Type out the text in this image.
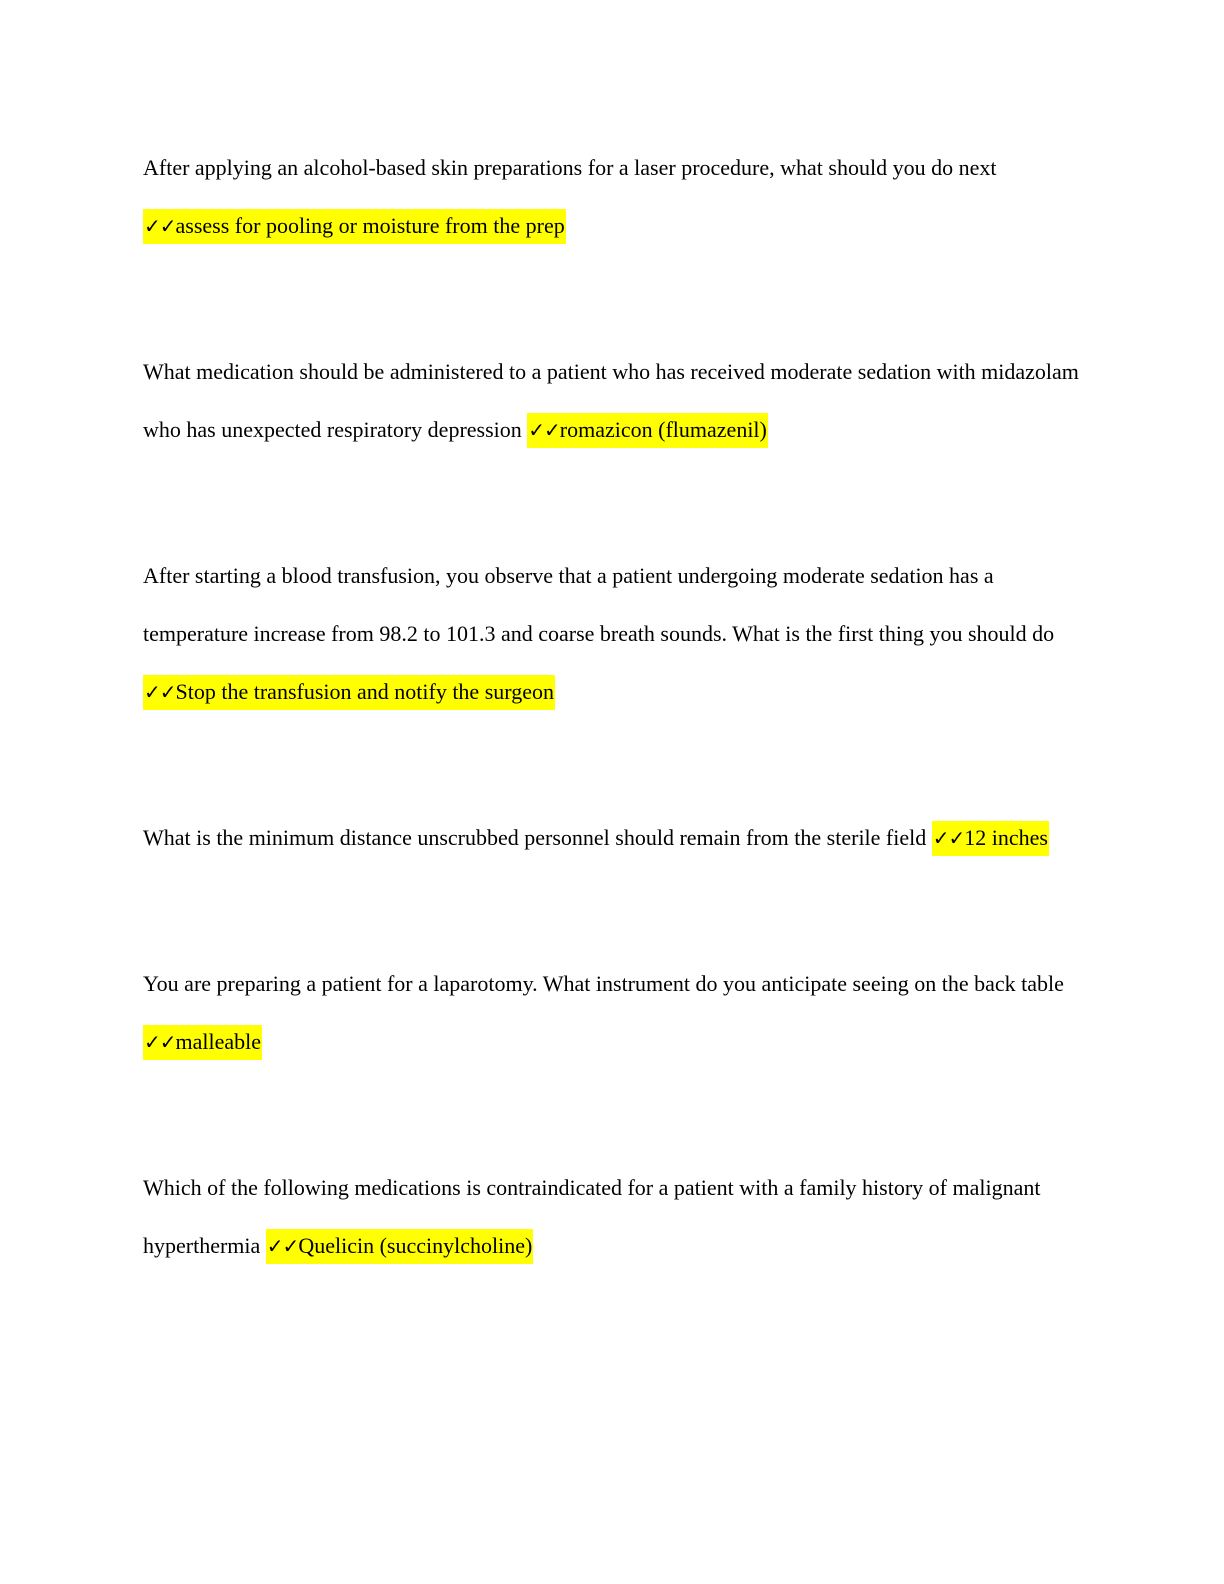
After applying an alcohol-based skin preparations for a laser procedure, what should you do next
✓✓assess for pooling or moisture from the prep

What medication should be administered to a patient who has received moderate sedation with midazolam who has unexpected respiratory depression ✓✓romazicon (flumazenil)

After starting a blood transfusion, you observe that a patient undergoing moderate sedation has a temperature increase from 98.2 to 101.3 and coarse breath sounds. What is the first thing you should do ✓✓Stop the transfusion and notify the surgeon

What is the minimum distance unscrubbed personnel should remain from the sterile field ✓✓12 inches

You are preparing a patient for a laparotomy. What instrument do you anticipate seeing on the back table ✓✓malleable

Which of the following medications is contraindicated for a patient with a family history of malignant hyperthermia ✓✓Quelicin (succinylcholine)
